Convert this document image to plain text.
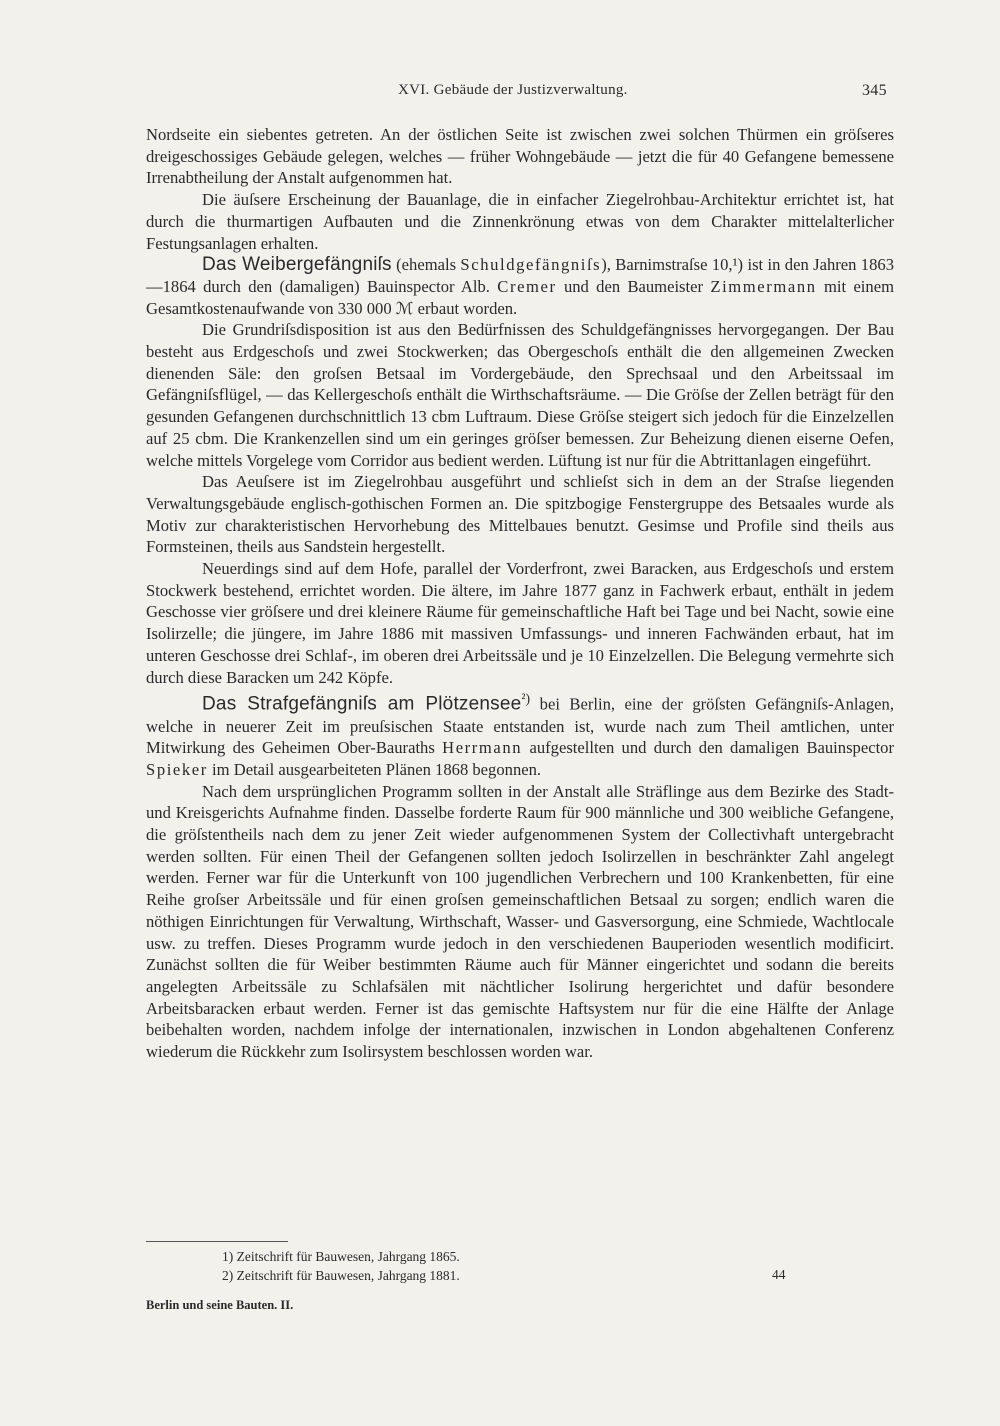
XVI. Gebäude der Justizverwaltung.	345

Nordseite ein siebentes getreten. An der östlichen Seite ist zwischen zwei solchen Thürmen ein gröſseres dreigeschossiges Gebäude gelegen, welches — früher Wohngebäude — jetzt die für 40 Gefangene bemessene Irrenabtheilung der Anstalt aufgenommen hat.

Die äuſsere Erscheinung der Bauanlage, die in einfacher Ziegelrohbau-Architektur errichtet ist, hat durch die thurmartigen Aufbauten und die Zinnenkrönung etwas von dem Charakter mittelalterlicher Festungsanlagen erhalten.

Das Weibergefängniſs (ehemals Schuldgefängniſs), Barnimstraſse 10,¹) ist in den Jahren 1863—1864 durch den (damaligen) Bauinspector Alb. Cremer und den Baumeister Zimmermann mit einem Gesamtkostenaufwande von 330 000 ℳ erbaut worden.

Die Grundriſsdisposition ist aus den Bedürfnissen des Schuldgefängnisses hervorgegangen. Der Bau besteht aus Erdgeschoſs und zwei Stockwerken; das Obergeschoſs enthält die den allgemeinen Zwecken dienenden Säle: den groſsen Betsaal im Vordergebäude, den Sprechsaal und den Arbeitssaal im Gefängniſsflügel, — das Kellergeschoſs enthält die Wirthschaftsräume. — Die Gröſse der Zellen beträgt für den gesunden Gefangenen durchschnittlich 13 cbm Luftraum. Diese Gröſse steigert sich jedoch für die Einzelzellen auf 25 cbm. Die Krankenzellen sind um ein geringes gröſser bemessen. Zur Beheizung dienen eiserne Oefen, welche mittels Vorgelege vom Corridor aus bedient werden. Lüftung ist nur für die Abtrittanlagen eingeführt.

Das Aeuſsere ist im Ziegelrohbau ausgeführt und schlieſst sich in dem an der Straſse liegenden Verwaltungsgebäude englisch-gothischen Formen an. Die spitzbogige Fenstergruppe des Betsaales wurde als Motiv zur charakteristischen Hervorhebung des Mittelbaues benutzt. Gesimse und Profile sind theils aus Formsteinen, theils aus Sandstein hergestellt.

Neuerdings sind auf dem Hofe, parallel der Vorderfront, zwei Baracken, aus Erdgeschoſs und erstem Stockwerk bestehend, errichtet worden. Die ältere, im Jahre 1877 ganz in Fachwerk erbaut, enthält in jedem Geschosse vier gröſsere und drei kleinere Räume für gemeinschaftliche Haft bei Tage und bei Nacht, sowie eine Isolirzelle; die jüngere, im Jahre 1886 mit massiven Umfassungs- und inneren Fachwänden erbaut, hat im unteren Geschosse drei Schlaf-, im oberen drei Arbeitssäle und je 10 Einzelzellen. Die Belegung vermehrte sich durch diese Baracken um 242 Köpfe.

Das Strafgefängniſs am Plötzensee$^{^2)}$ bei Berlin, eine der gröſsten Gefängniſs-Anlagen, welche in neuerer Zeit im preuſsischen Staate entstanden ist, wurde nach zum Theil amtlichen, unter Mitwirkung des Geheimen Ober-Bauraths Herrmann aufgestellten und durch den damaligen Bauinspector Spieker im Detail ausgearbeiteten Plänen 1868 begonnen.

Nach dem ursprünglichen Programm sollten in der Anstalt alle Sträflinge aus dem Bezirke des Stadt- und Kreisgerichts Aufnahme finden. Dasselbe forderte Raum für 900 männliche und 300 weibliche Gefangene, die gröſstentheils nach dem zu jener Zeit wieder aufgenommenen System der Collectivhaft untergebracht werden sollten. Für einen Theil der Gefangenen sollten jedoch Isolirzellen in beschränkter Zahl angelegt werden. Ferner war für die Unterkunft von 100 jugendlichen Verbrechern und 100 Krankenbetten, für eine Reihe groſser Arbeitssäle und für einen groſsen gemeinschaftlichen Betsaal zu sorgen; endlich waren die nöthigen Einrichtungen für Verwaltung, Wirthschaft, Wasser- und Gasversorgung, eine Schmiede, Wachtlocale usw. zu treffen. Dieses Programm wurde jedoch in den verschiedenen Bauperioden wesentlich modificirt. Zunächst sollten die für Weiber bestimmten Räume auch für Männer eingerichtet und sodann die bereits angelegten Arbeitssäle zu Schlafsälen mit nächtlicher Isolirung hergerichtet und dafür besondere Arbeitsbaracken erbaut werden. Ferner ist das gemischte Haftsystem nur für die eine Hälfte der Anlage beibehalten worden, nachdem infolge der internationalen, inzwischen in London abgehaltenen Conferenz wiederum die Rückkehr zum Isolirsystem beschlossen worden war.

1) Zeitschrift für Bauwesen, Jahrgang 1865.
2) Zeitschrift für Bauwesen, Jahrgang 1881.	44
Berlin und seine Bauten. II.
